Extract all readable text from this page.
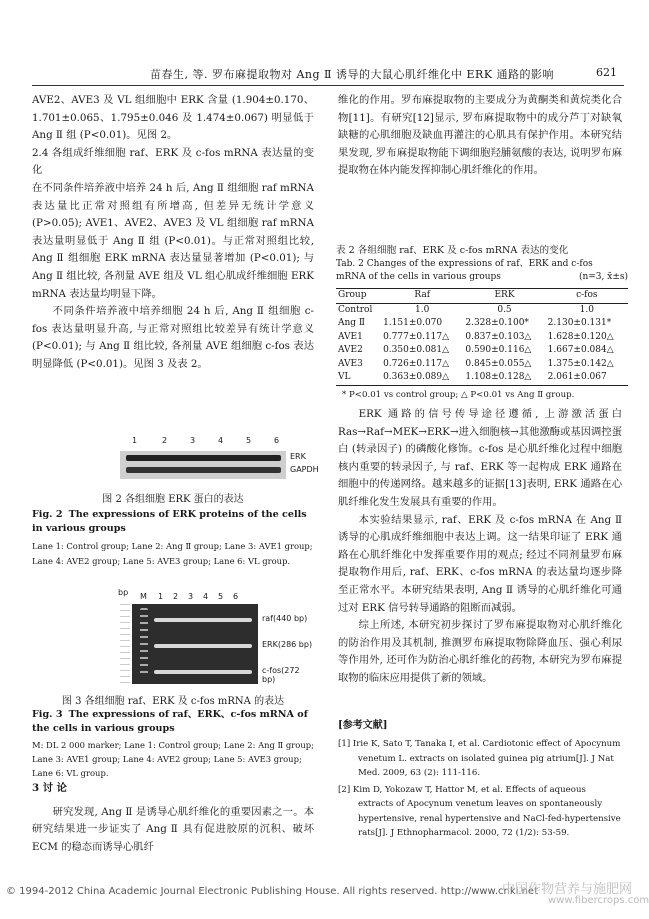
苗春生, 等. 罗布麻提取物对 Ang Ⅱ 诱导的大鼠心肌纤维化中 ERK 通路的影响	621

AVE2、AVE3 及 VL 组细胞中 ERK 含量 (1.904±0.170、1.701±0.065、1.795±0.046 及 1.474±0.067) 明显低于 Ang Ⅱ 组 (P<0.01)。见图 2。

2.4 各组成纤维细胞 raf、ERK 及 c-fos mRNA 表达量的变化

在不同条件培养液中培养 24 h 后, Ang Ⅱ 组细胞 raf mRNA 表达量比正常对照组有所增高, 但差异无统计学意义 (P>0.05); AVE1、AVE2、AVE3 及 VL 组细胞 raf mRNA 表达量明显低于 Ang Ⅱ 组 (P<0.01)。与正常对照组比较, Ang Ⅱ 组细胞 ERK mRNA 表达量显著增加 (P<0.01); 与 Ang Ⅱ 组比较, 各剂量 AVE 组及 VL 组心肌成纤维细胞 ERK mRNA 表达量均明显下降。

不同条件培养液中培养细胞 24 h 后, Ang Ⅱ 组细胞 c-fos 表达量明显升高, 与正常对照组比较差异有统计学意义 (P<0.01); 与 Ang Ⅱ 组比较, 各剂量 AVE 组细胞 c-fos 表达明显降低 (P<0.01)。见图 3 及表 2。

1	2	3	4	5	6
ERK
GAPDH

图 2 各组细胞 ERK 蛋白的表达

Fig. 2 The expressions of ERK proteins of the cells in various groups

Lane 1: Control group; Lane 2: Ang Ⅱ group; Lane 3: AVE1 group;

Lane 4: AVE2 group; Lane 5: AVE3 group; Lane 6: VL group.

bp M 1 2 3 4 5 6
raf(440 bp)
ERK(286 bp)
c-fos(272 bp)

图 3 各组细胞 raf、ERK 及 c-fos mRNA 的表达

Fig. 3 The expressions of raf、ERK、c-fos mRNA of the cells in various groups

M: DL 2 000 marker; Lane 1: Control group; Lane 2: Ang Ⅱ group;

Lane 3: AVE1 group; Lane 4: AVE2 group; Lane 5: AVE3 group;

Lane 6: VL group.

3 讨 论

研究发现, Ang Ⅱ 是诱导心肌纤维化的重要因素之一。本研究结果进一步证实了 Ang Ⅱ 具有促进胶原的沉积、破坏 ECM 的稳态而诱导心肌纤

维化的作用。罗布麻提取物的主要成分为黄酮类和黄烷类化合物[11]。有研究[12]显示, 罗布麻提取物中的成分芦丁对缺氧缺糖的心肌细胞及缺血再灌注的心肌具有保护作用。本研究结果发现, 罗布麻提取物能下调细胞羟脯氨酸的表达, 说明罗布麻提取物在体内能发挥抑制心肌纤维化的作用。

表 2 各组细胞 raf、ERK 及 c-fos mRNA 表达的变化

Tab. 2 Changes of the expressions of raf、ERK and c-fos

mRNA of the cells in various groups	(n=3, x̄±s)

Group	Raf	ERK	c-fos
Control	1.0	0.5	1.0
Ang Ⅱ	1.151±0.070	2.328±0.100*	2.130±0.131*
AVE1	0.777±0.117△	0.837±0.103△	1.628±0.120△
AVE2	0.350±0.081△	0.590±0.116△	1.667±0.084△
AVE3	0.726±0.117△	0.845±0.055△	1.375±0.142△
VL	0.363±0.089△	1.108±0.128△	2.061±0.067

* P<0.01 vs control group; △ P<0.01 vs Ang Ⅱ group.

ERK 通路的信号传导途径遵循, 上游激活蛋白 Ras→Raf→MEK→ERK→进入细胞核→其他激酶或基因调控蛋白 (转录因子) 的磷酸化修饰。c-fos 是心肌纤维化过程中细胞核内重要的转录因子, 与 raf、ERK 等一起构成 ERK 通路在细胞中的传递网络。越来越多的证据[13]表明, ERK 通路在心肌纤维化发生发展具有重要的作用。

本实验结果显示, raf、ERK 及 c-fos mRNA 在 Ang Ⅱ 诱导的心肌成纤维细胞中表达上调。这一结果印证了 ERK 通路在心肌纤维化中发挥重要作用的观点; 经过不同剂量罗布麻提取物作用后, raf、ERK、c-fos mRNA 的表达量均逐步降至正常水平。本研究结果表明, Ang Ⅱ 诱导的心肌纤维化可通过对 ERK 信号转导通路的阻断而减弱。

综上所述, 本研究初步探讨了罗布麻提取物对心肌纤维化的防治作用及其机制, 推测罗布麻提取物除降血压、强心利尿等作用外, 还可作为防治心肌纤维化的药物, 本研究为罗布麻提取物的临床应用提供了新的领域。

[参考文献]

[1] Irie K, Sato T, Tanaka I, et al. Cardiotonic effect of Apocynum venetum L. extracts on isolated guinea pig atrium[J]. J Nat Med. 2009, 63 (2): 111-116.

[2] Kim D, Yokozaw T, Hattor M, et al. Effects of aqueous extracts of Apocynum venetum leaves on spontaneously hypertensive, renal hypertensive and NaCl-fed-hypertensive rats[J]. J Ethnopharmacol. 2000, 72 (1/2): 53-59.

© 1994-2012 China Academic Journal Electronic Publishing House. All rights reserved. http://www.cnki.net
中国作物营养与施肥网
www.fibercrops.com
